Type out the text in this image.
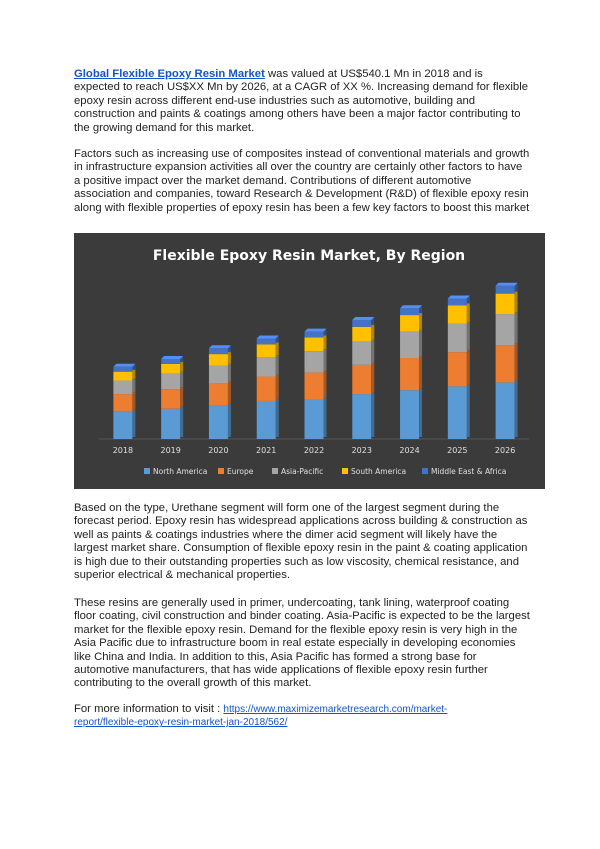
Global Flexible Epoxy Resin Market was valued at US$540.1 Mn in 2018 and is expected to reach US$XX Mn by 2026, at a CAGR of XX %. Increasing demand for flexible epoxy resin across different end-use industries such as automotive, building and construction and paints & coatings among others have been a major factor contributing to the growing demand for this market.

Factors such as increasing use of composites instead of conventional materials and growth in infrastructure expansion activities all over the country are certainly other factors to have a positive impact over the market demand. Contributions of different automotive association and companies, toward Research & Development (R&D) of flexible epoxy resin along with flexible properties of epoxy resin has been a few key factors to boost this market

Flexible Epoxy Resin Market, By Region
2018	2019	2020	2021	2022	2023	2024	2025	2026
North America	Europe	Asia-Pacific	South America	Middle East & Africa

Based on the type, Urethane segment will form one of the largest segment during the forecast period. Epoxy resin has widespread applications across building & construction as well as paints & coatings industries where the dimer acid segment will likely have the largest market share. Consumption of flexible epoxy resin in the paint & coating application is high due to their outstanding properties such as low viscosity, chemical resistance, and superior electrical & mechanical properties.

These resins are generally used in primer, undercoating, tank lining, waterproof coating floor coating, civil construction and binder coating. Asia-Pacific is expected to be the largest market for the flexible epoxy resin. Demand for the flexible epoxy resin is very high in the Asia Pacific due to infrastructure boom in real estate especially in developing economies like China and India. In addition to this, Asia Pacific has formed a strong base for automotive manufacturers, that has wide applications of flexible epoxy resin further contributing to the overall growth of this market.

For more information to visit : https://www.maximizemarketresearch.com/market-
report/flexible-epoxy-resin-market-jan-2018/562/
